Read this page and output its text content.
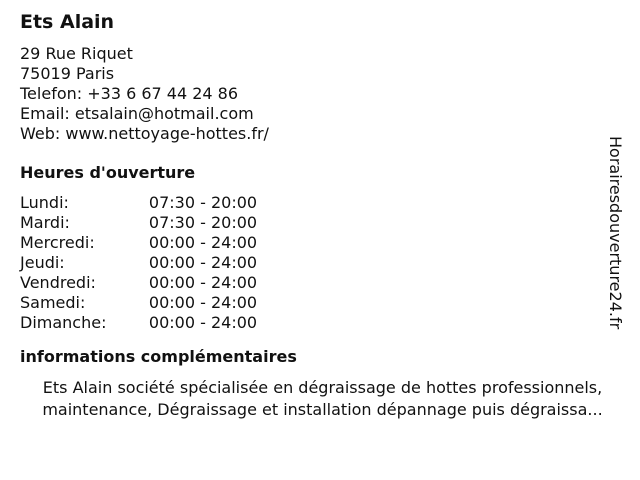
Ets Alain
29 Rue Riquet
75019 Paris
Telefon: +33 6 67 44 24 86
Email: etsalain@hotmail.com
Web: www.nettoyage-hottes.fr/
Heures d'ouverture
Lundi:	07:30 - 20:00
Mardi:	07:30 - 20:00
Mercredi:	00:00 - 24:00
Jeudi:	00:00 - 24:00
Vendredi:	00:00 - 24:00
Samedi:	00:00 - 24:00
Dimanche:	00:00 - 24:00
informations complémentaires
Ets Alain société spécialisée en dégraissage de hottes professionnels,
maintenance, Dégraissage et installation dépannage puis dégraissa...
Horairesdouverture24.fr
